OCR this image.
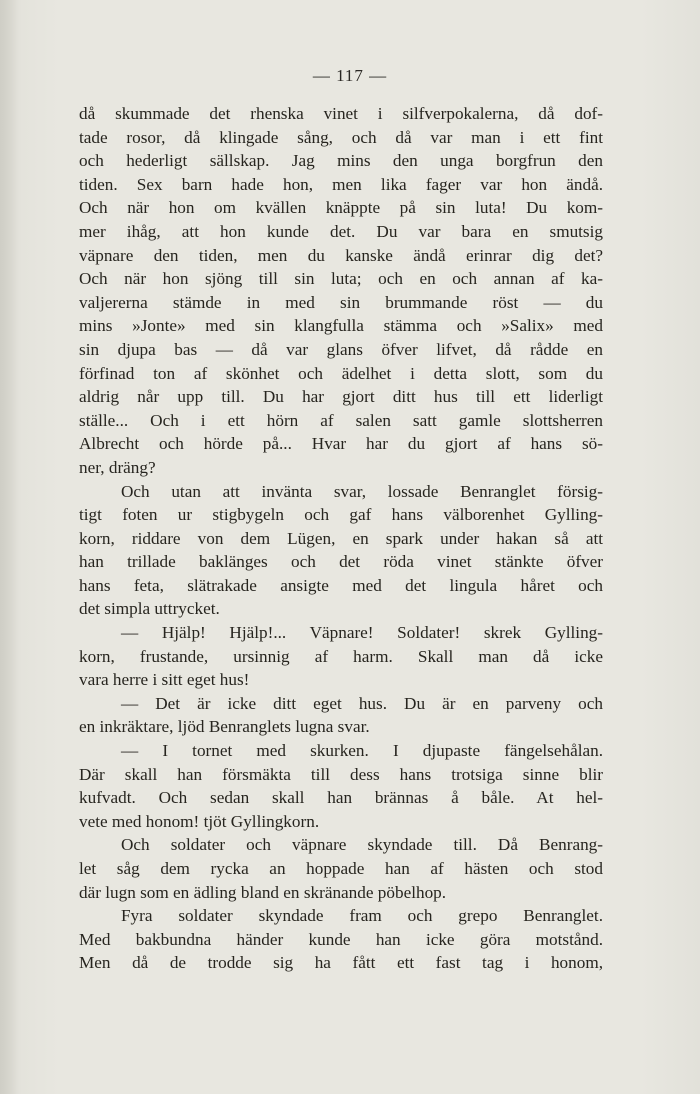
— 117 —
då skummade det rhenska vinet i silfverpokalerna, då dof-
tade rosor, då klingade sång, och då var man i ett fint
och hederligt sällskap. Jag mins den unga borgfrun den
tiden. Sex barn hade hon, men lika fager var hon ändå.
Och när hon om kvällen knäppte på sin luta! Du kom-
mer ihåg, att hon kunde det. Du var bara en smutsig
väpnare den tiden, men du kanske ändå erinrar dig det?
Och när hon sjöng till sin luta; och en och annan af ka-
valjererna stämde in med sin brummande röst — du
mins »Jonte» med sin klangfulla stämma och »Salix» med
sin djupa bas — då var glans öfver lifvet, då rådde en
förfinad ton af skönhet och ädelhet i detta slott, som du
aldrig når upp till. Du har gjort ditt hus till ett liderligt
ställe... Och i ett hörn af salen satt gamle slottsherren
Albrecht och hörde på... Hvar har du gjort af hans sö-
ner, dräng?
Och utan att invänta svar, lossade Benranglet försig-
tigt foten ur stigbygeln och gaf hans välborenhet Gylling-
korn, riddare von dem Lügen, en spark under hakan så att
han trillade baklänges och det röda vinet stänkte öfver
hans feta, slätrakade ansigte med det lingula håret och
det simpla uttrycket.
— Hjälp! Hjälp!... Väpnare! Soldater! skrek Gylling-
korn, frustande, ursinnig af harm. Skall man då icke
vara herre i sitt eget hus!
— Det är icke ditt eget hus. Du är en parveny och
en inkräktare, ljöd Benranglets lugna svar.
— I tornet med skurken. I djupaste fängelsehålan.
Där skall han försmäkta till dess hans trotsiga sinne blir
kufvadt. Och sedan skall han brännas å båle. At hel-
vete med honom! tjöt Gyllingkorn.
Och soldater och väpnare skyndade till. Då Benrang-
let såg dem rycka an hoppade han af hästen och stod
där lugn som en ädling bland en skränande pöbelhop.
Fyra soldater skyndade fram och grepo Benranglet.
Med bakbundna händer kunde han icke göra motstånd.
Men då de trodde sig ha fått ett fast tag i honom,
